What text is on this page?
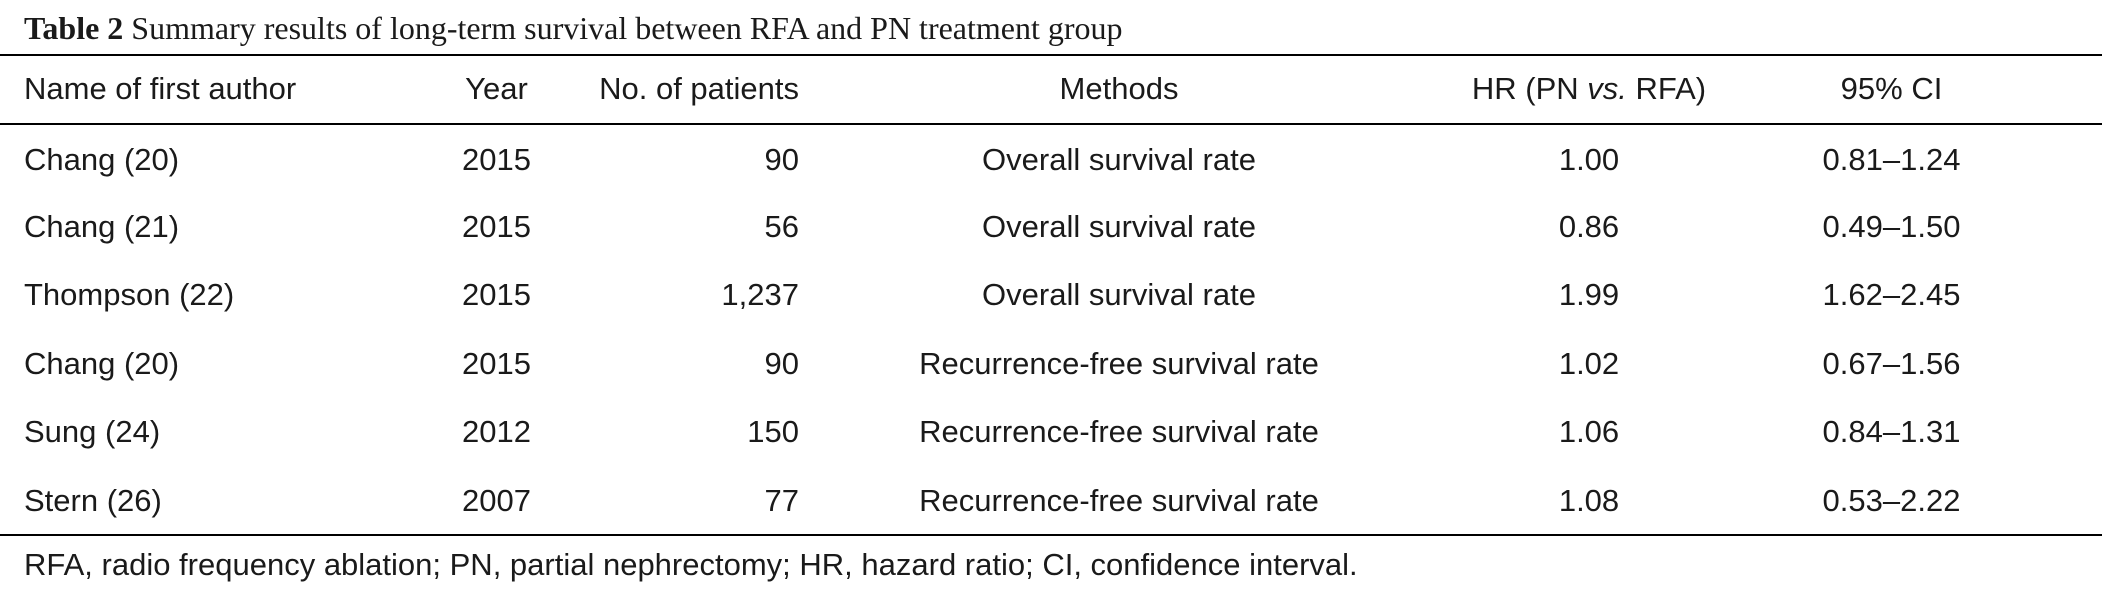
Table 2 Summary results of long-term survival between RFA and PN treatment group
Name of first author	Year	No. of patients	Methods	HR (PN vs. RFA)	95% CI
Chang (20)	2015	90	Overall survival rate	1.00	0.81–1.24
Chang (21)	2015	56	Overall survival rate	0.86	0.49–1.50
Thompson (22)	2015	1,237	Overall survival rate	1.99	1.62–2.45
Chang (20)	2015	90	Recurrence-free survival rate	1.02	0.67–1.56
Sung (24)	2012	150	Recurrence-free survival rate	1.06	0.84–1.31
Stern (26)	2007	77	Recurrence-free survival rate	1.08	0.53–2.22
RFA, radio frequency ablation; PN, partial nephrectomy; HR, hazard ratio; CI, confidence interval.
